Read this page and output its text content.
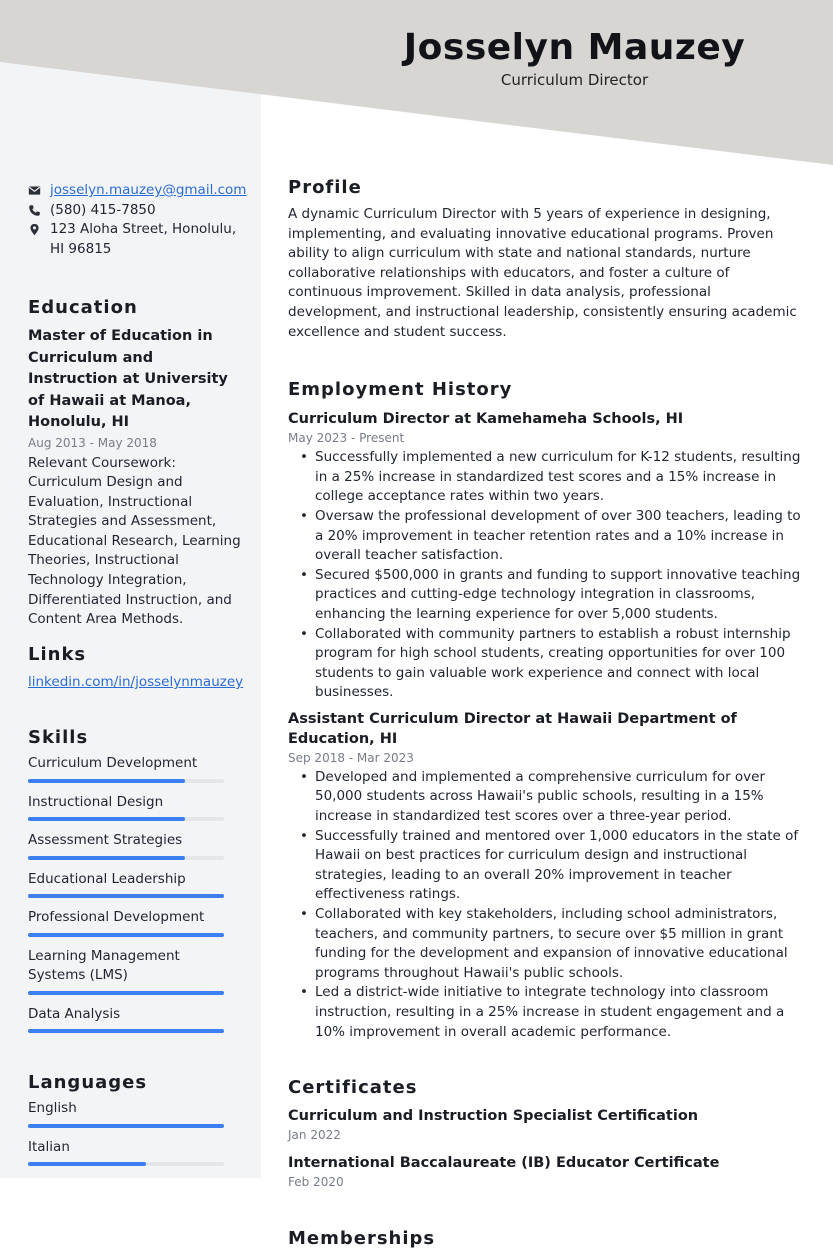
Josselyn Mauzey
Curriculum Director
josselyn.mauzey@gmail.com
(580) 415-7850
123 Aloha Street, Honolulu,
HI 96815
Education
Master of Education in Curriculum and Instruction at University of Hawaii at Manoa, Honolulu, HI
Aug 2013 - May 2018
Relevant Coursework: Curriculum Design and Evaluation, Instructional Strategies and Assessment, Educational Research, Learning Theories, Instructional Technology Integration, Differentiated Instruction, and Content Area Methods.
Links
linkedin.com/in/josselynmauzey
Skills
Curriculum Development
Instructional Design
Assessment Strategies
Educational Leadership
Professional Development
Learning Management Systems (LMS)
Data Analysis
Languages
English
Italian
Profile

A dynamic Curriculum Director with 5 years of experience in designing, implementing, and evaluating innovative educational programs. Proven ability to align curriculum with state and national standards, nurture collaborative relationships with educators, and foster a culture of continuous improvement. Skilled in data analysis, professional development, and instructional leadership, consistently ensuring academic excellence and student success.

Employment History
Curriculum Director at Kamehameha Schools, HI
May 2023 - Present
• Successfully implemented a new curriculum for K-12 students, resulting in a 25% increase in standardized test scores and a 15% increase in college acceptance rates within two years.
• Oversaw the professional development of over 300 teachers, leading to a 20% improvement in teacher retention rates and a 10% increase in overall teacher satisfaction.
• Secured $500,000 in grants and funding to support innovative teaching practices and cutting-edge technology integration in classrooms, enhancing the learning experience for over 5,000 students.
• Collaborated with community partners to establish a robust internship program for high school students, creating opportunities for over 100 students to gain valuable work experience and connect with local businesses.
Assistant Curriculum Director at Hawaii Department of Education, HI
Sep 2018 - Mar 2023
• Developed and implemented a comprehensive curriculum for over 50,000 students across Hawaii's public schools, resulting in a 15% increase in standardized test scores over a three-year period.
• Successfully trained and mentored over 1,000 educators in the state of Hawaii on best practices for curriculum design and instructional strategies, leading to an overall 20% improvement in teacher effectiveness ratings.
• Collaborated with key stakeholders, including school administrators, teachers, and community partners, to secure over $5 million in grant funding for the development and expansion of innovative educational programs throughout Hawaii's public schools.
• Led a district-wide initiative to integrate technology into classroom instruction, resulting in a 25% increase in student engagement and a 10% improvement in overall academic performance.
Certificates
Curriculum and Instruction Specialist Certification
Jan 2022
International Baccalaureate (IB) Educator Certificate
Feb 2020
Memberships
